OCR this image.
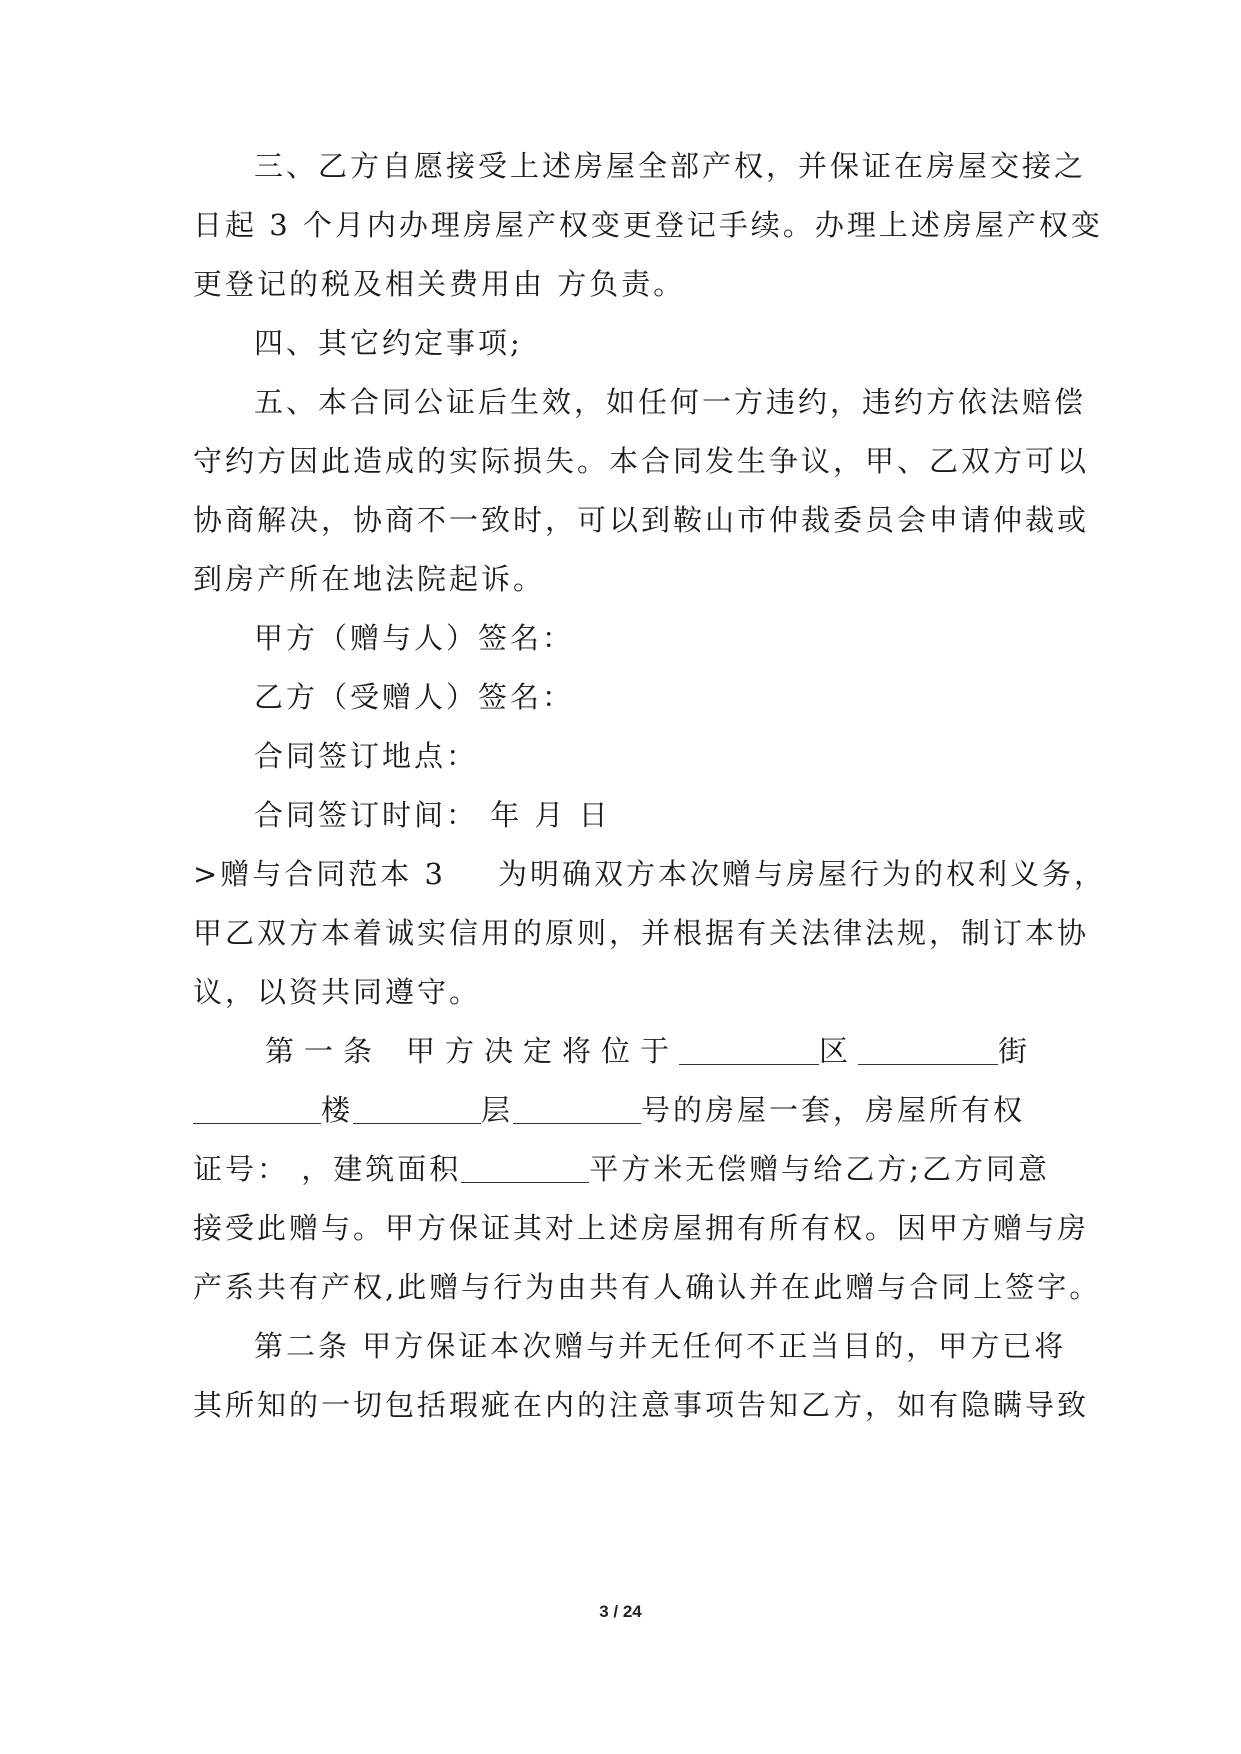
三、乙方自愿接受上述房屋全部产权，并保证在房屋交接之
日起 3 个月内办理房屋产权变更登记手续。办理上述房屋产权变
更登记的税及相关费用由 方负责。
四、其它约定事项;
五、本合同公证后生效，如任何一方违约，违约方依法赔偿
守约方因此造成的实际损失。本合同发生争议，甲、乙双方可以
协商解决，协商不一致时，可以到鞍山市仲裁委员会申请仲裁或
到房产所在地法院起诉。
甲方（赠与人）签名：
乙方（受赠人）签名：
合同签订地点：
合同签订时间： 年 月 日
>赠与合同范本 3 为明确双方本次赠与房屋行为的权利义务，
甲乙双方本着诚实信用的原则，并根据有关法律法规，制订本协
议，以资共同遵守。
第一条 甲方决定将位于	区	街
楼	层	号的房屋一套，房屋所有权
证号： ，建筑面积	平方米无偿赠与给乙方;乙方同意
接受此赠与。甲方保证其对上述房屋拥有所有权。因甲方赠与房
产系共有产权,此赠与行为由共有人确认并在此赠与合同上签字。
第二条 甲方保证本次赠与并无任何不正当目的，甲方已将
其所知的一切包括瑕疵在内的注意事项告知乙方，如有隐瞒导致
3 / 24
